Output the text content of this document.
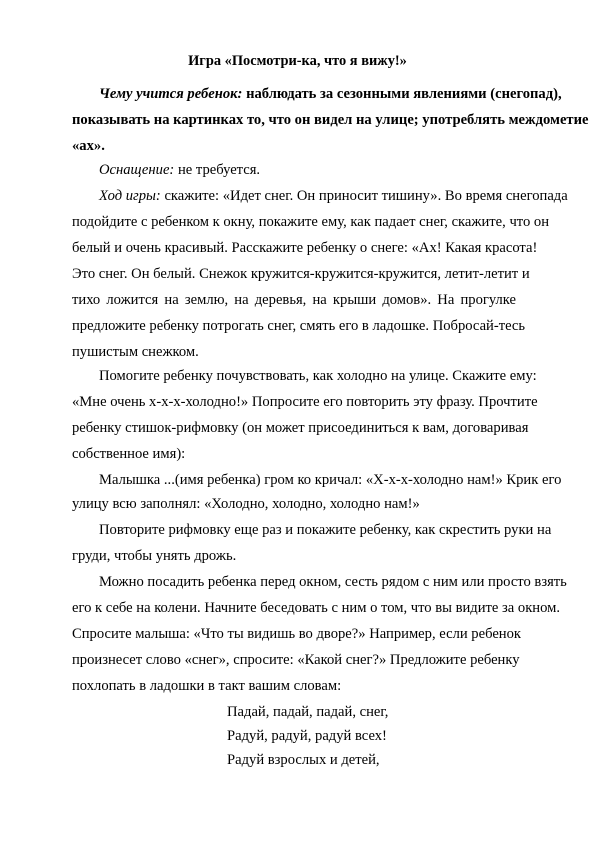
Игра «Посмотри-ка, что я вижу!»
Чему учится ребенок: наблюдать за сезонными явлениями (снегопад),
показывать на картинках то, что он видел на улице; употреблять междометие
«ах».
Оснащение: не требуется.
Ход игры: скажите: «Идет снег. Он приносит тишину». Во время снегопада
подойдите с ребенком к окну, покажите ему, как падает снег, скажите, что он
белый и очень красивый. Расскажите ребенку о снеге: «Ах! Какая красота!
Это снег. Он белый. Снежок кружится-кружится-кружится, летит-летит и
тихо ложится на землю, на деревья, на крыши домов». На прогулке
предложите ребенку потрогать снег, смять его в ладошке. Побросай-тесь
пушистым снежком.
Помогите ребенку почувствовать, как холодно на улице. Скажите ему:
«Мне очень х-х-х-холодно!» Попросите его повторить эту фразу. Прочтите
ребенку стишок-рифмовку (он может присоединиться к вам, договаривая
собственное имя):
Малышка ...(имя ребенка) гром ко кричал: «Х-х-х-холодно нам!» Крик его
улицу всю заполнял: «Холодно, холодно, холодно нам!»
Повторите рифмовку еще раз и покажите ребенку, как скрестить руки на
груди, чтобы унять дрожь.
Можно посадить ребенка перед окном, сесть рядом с ним или просто взять
его к себе на колени. Начните беседовать с ним о том, что вы видите за окном.
Спросите малыша: «Что ты видишь во дворе?» Например, если ребенок
произнесет слово «снег», спросите: «Какой снег?» Предложите ребенку
похлопать в ладошки в такт вашим словам:
Падай, падай, падай, снег,
Радуй, радуй, радуй всех!
Радуй взрослых и детей,
